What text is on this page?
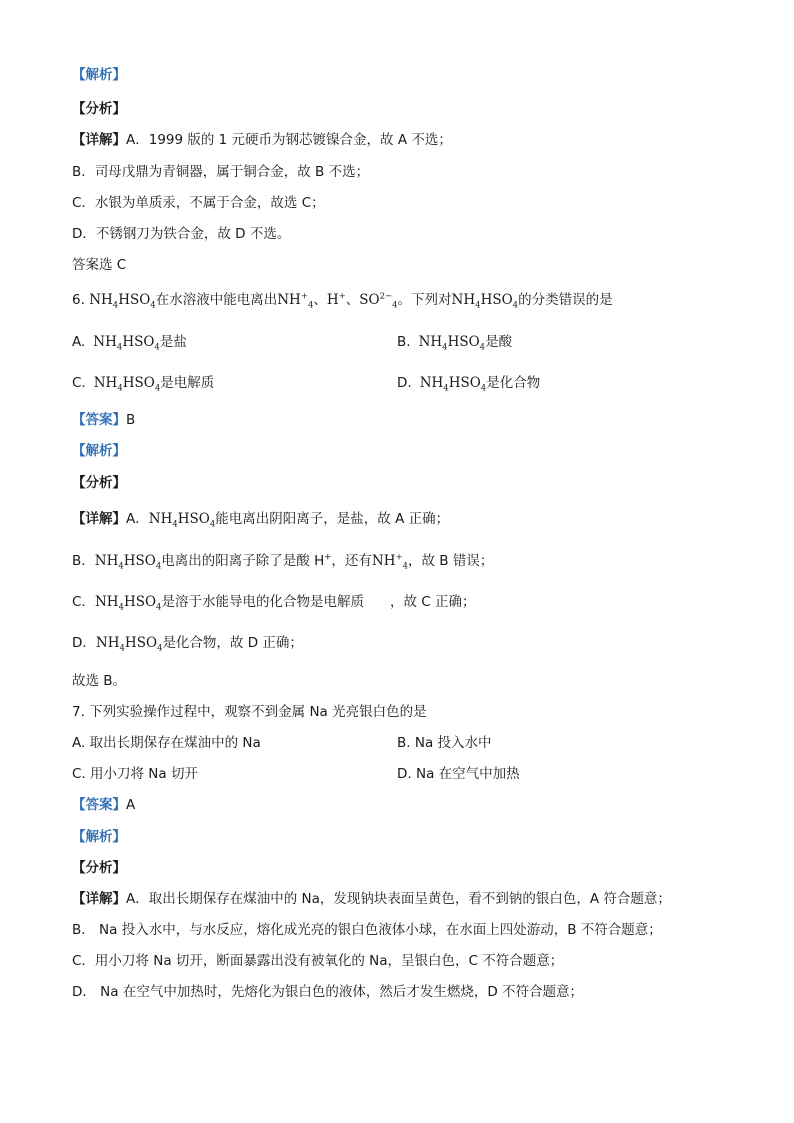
【解析】
【分析】
【详解】A．1999 版的 1 元硬币为钢芯镀镍合金，故 A 不选；
B．司母戊鼎为青铜器，属于铜合金，故 B 不选；
C．水银为单质汞，不属于合金，故选 C；
D．不锈钢刀为铁合金，故 D 不选。
答案选 C
6. $NH_4HSO_4$在水溶液中能电离出$NH^+_4$、H+、$SO^{2-}_4$。下列对$NH_4HSO_4$的分类错误的是
A. $NH_4HSO_4$是盐	B. $NH_4HSO_4$是酸
C. $NH_4HSO_4$是电解质	D. $NH_4HSO_4$是化合物
【答案】B
【解析】
【分析】
【详解】A．$NH_4HSO_4$能电离出阴阳离子，是盐，故 A 正确；
B．$NH_4HSO_4$电离出的阳离子除了是酸 H+，还有$NH^+_4$，故 B 错误；
C．$NH_4HSO_4$是溶于水能导电的化合物是电解质 ，故 C 正确；
D．$NH_4HSO_4$是化合物，故 D 正确；
故选 B。
7. 下列实验操作过程中，观察不到金属 Na 光亮银白色的是
A. 取出长期保存在煤油中的 Na	B. Na 投入水中
C. 用小刀将 Na 切开	D. Na 在空气中加热
【答案】A
【解析】
【分析】
【详解】A．取出长期保存在煤油中的 Na，发现钠块表面呈黄色，看不到钠的银白色，A 符合题意；
B． Na 投入水中，与水反应，熔化成光亮的银白色液体小球，在水面上四处游动，B 不符合题意；
C．用小刀将 Na 切开，断面暴露出没有被氧化的 Na，呈银白色，C 不符合题意；
D． Na 在空气中加热时，先熔化为银白色的液体，然后才发生燃烧，D 不符合题意；
